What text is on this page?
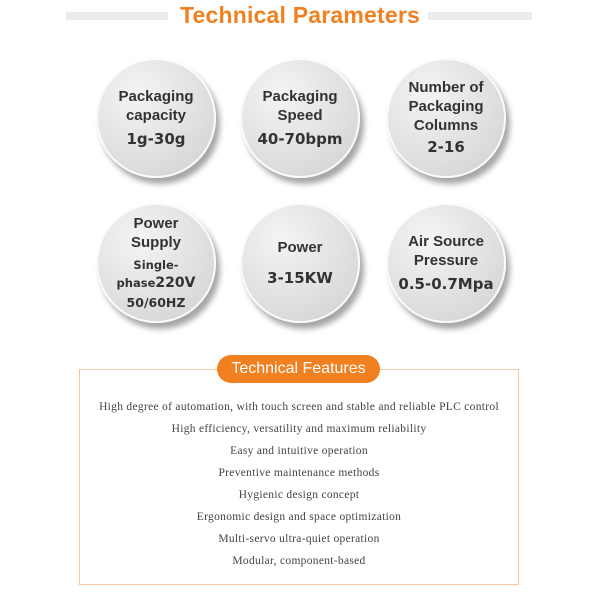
Technical Parameters
Packaging
capacity
1g-30g
Packaging
Speed
40-70bpm
Number of
Packaging
Columns
2-16
Power
Supply
Single-phase220V
50/60HZ
Power
3-15KW
Air Source
Pressure
0.5-0.7Mpa
Technical Features
High degree of automation, with touch screen and stable and reliable PLC control
High efficiency, versatility and maximum reliability
Easy and intuitive operation
Preventive maintenance methods
Hygienic design concept
Ergonomic design and space optimization
Multi-servo ultra-quiet operation
Modular, component-based
